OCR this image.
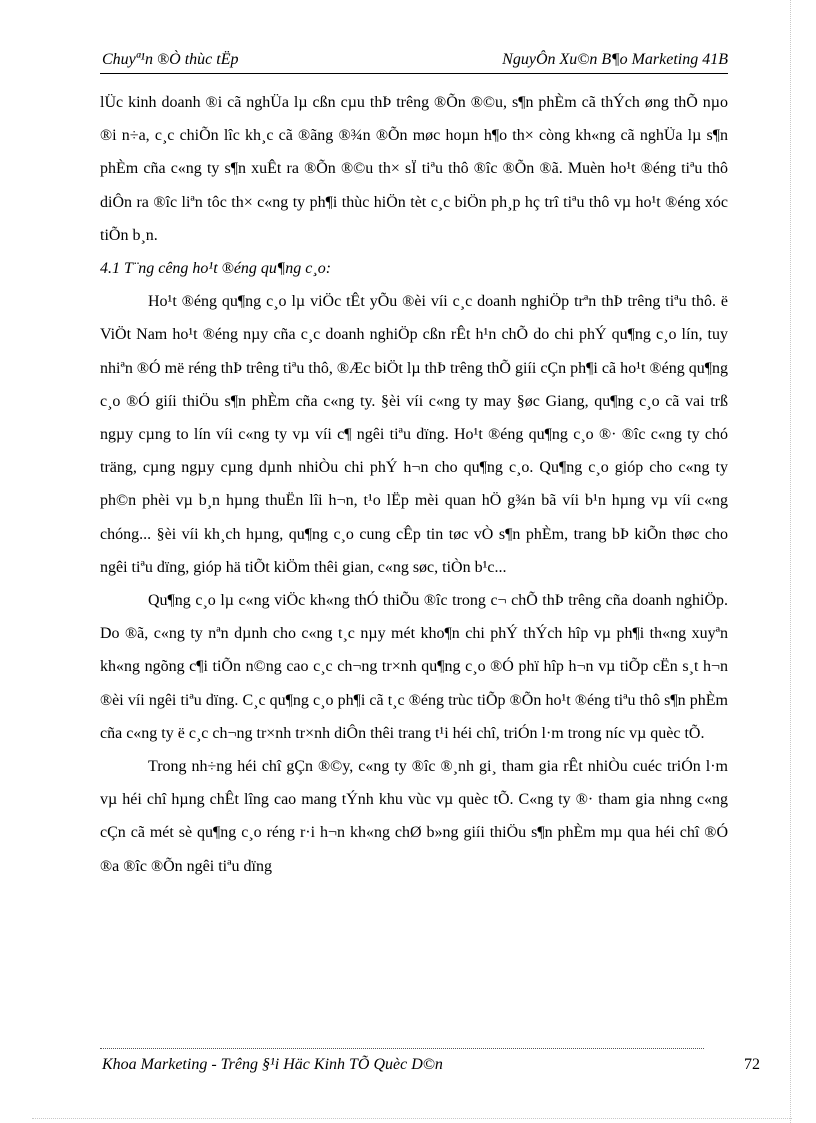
Chuyª¹n ®Ò thùc tËp	NguyÔn Xu©n B¶o Marketing 41B

lÜc kinh doanh ®i cã nghÜa lµ cßn cµu thÞ trêng ®Õn ®©u, s¶n phÈm cã thÝch øng thÕ nµo ®i n÷a, c¸c chiÕn lîc kh¸c cã ®ãng ®¾n ®Õn møc hoµn h¶o th× còng kh«ng cã nghÜa lµ s¶n phÈm cña c«ng ty s¶n xuÊt ra ®Õn ®©u th× sÏ tiªu thô ®îc ®Õn ®ã. Muèn ho¹t ®éng tiªu thô diÔn ra ®îc liªn tôc th× c«ng ty ph¶i thùc hiÖn tèt c¸c biÖn ph¸p hç trî tiªu thô vµ ho¹t ®éng xóc tiÕn b¸n.

4.1 T¨ng cêng ho¹t ®éng qu¶ng c¸o:

Ho¹t ®éng qu¶ng c¸o lµ viÖc tÊt yÕu ®èi víi c¸c doanh nghiÖp trªn thÞ trêng tiªu thô. ë ViÖt Nam ho¹t ®éng nµy cña c¸c doanh nghiÖp cßn rÊt h¹n chÕ do chi phÝ qu¶ng c¸o lín, tuy nhiªn ®Ó më réng thÞ trêng tiªu thô, ®Æc biÖt lµ thÞ trêng thÕ giíi cÇn ph¶i cã ho¹t ®éng qu¶ng c¸o ®Ó giíi thiÖu s¶n phÈm cña c«ng ty. §èi víi c«ng ty may §øc Giang, qu¶ng c¸o cã vai trß ngµy cµng to lín víi c«ng ty vµ víi c¶ ngêi tiªu dïng. Ho¹t ®éng qu¶ng c¸o ®· ®îc c«ng ty chó träng, cµng ngµy cµng dµnh nhiÒu chi phÝ h¬n cho qu¶ng c¸o. Qu¶ng c¸o gióp cho c«ng ty ph©n phèi vµ b¸n hµng thuËn lîi h¬n, t¹o lËp mèi quan hÖ g¾n bã víi b¹n hµng vµ víi c«ng chóng... §èi víi kh¸ch hµng, qu¶ng c¸o cung cÊp tin tøc vÒ s¶n phÈm, trang bÞ kiÕn thøc cho ngêi tiªu dïng, gióp hä tiÕt kiÖm thêi gian, c«ng søc, tiÒn b¹c...

Qu¶ng c¸o lµ c«ng viÖc kh«ng thÓ thiÕu ®îc trong c¬ chÕ thÞ trêng cña doanh nghiÖp. Do ®ã, c«ng ty nªn dµnh cho c«ng t¸c nµy mét kho¶n chi phÝ thÝch hîp vµ ph¶i th«ng xuyªn kh«ng ngõng c¶i tiÕn n©ng cao c¸c ch¬ng tr×nh qu¶ng c¸o ®Ó phï hîp h¬n vµ tiÕp cËn s¸t h¬n ®èi víi ngêi tiªu dïng. C¸c qu¶ng c¸o ph¶i cã t¸c ®éng trùc tiÕp ®Õn ho¹t ®éng tiªu thô s¶n phÈm cña c«ng ty ë c¸c ch¬ng tr×nh tr×nh diÔn thêi trang t¹i héi chî, triÓn l·m trong níc vµ quèc tÕ.

Trong nh÷ng héi chî gÇn ®©y, c«ng ty ®îc ®¸nh gi¸ tham gia rÊt nhiÒu cuéc triÓn l·m vµ héi chî hµng chÊt lîng cao mang tÝnh khu vùc vµ quèc tÕ. C«ng ty ®· tham gia nhng c«ng cÇn cã mét sè qu¶ng c¸o réng r·i h¬n kh«ng chØ b»ng giíi thiÖu s¶n phÈm mµ qua héi chî ®Ó ®a ®îc ®Õn ngêi tiªu dïng

Khoa Marketing - Trêng §¹i Häc Kinh TÕ Quèc D©n	72
